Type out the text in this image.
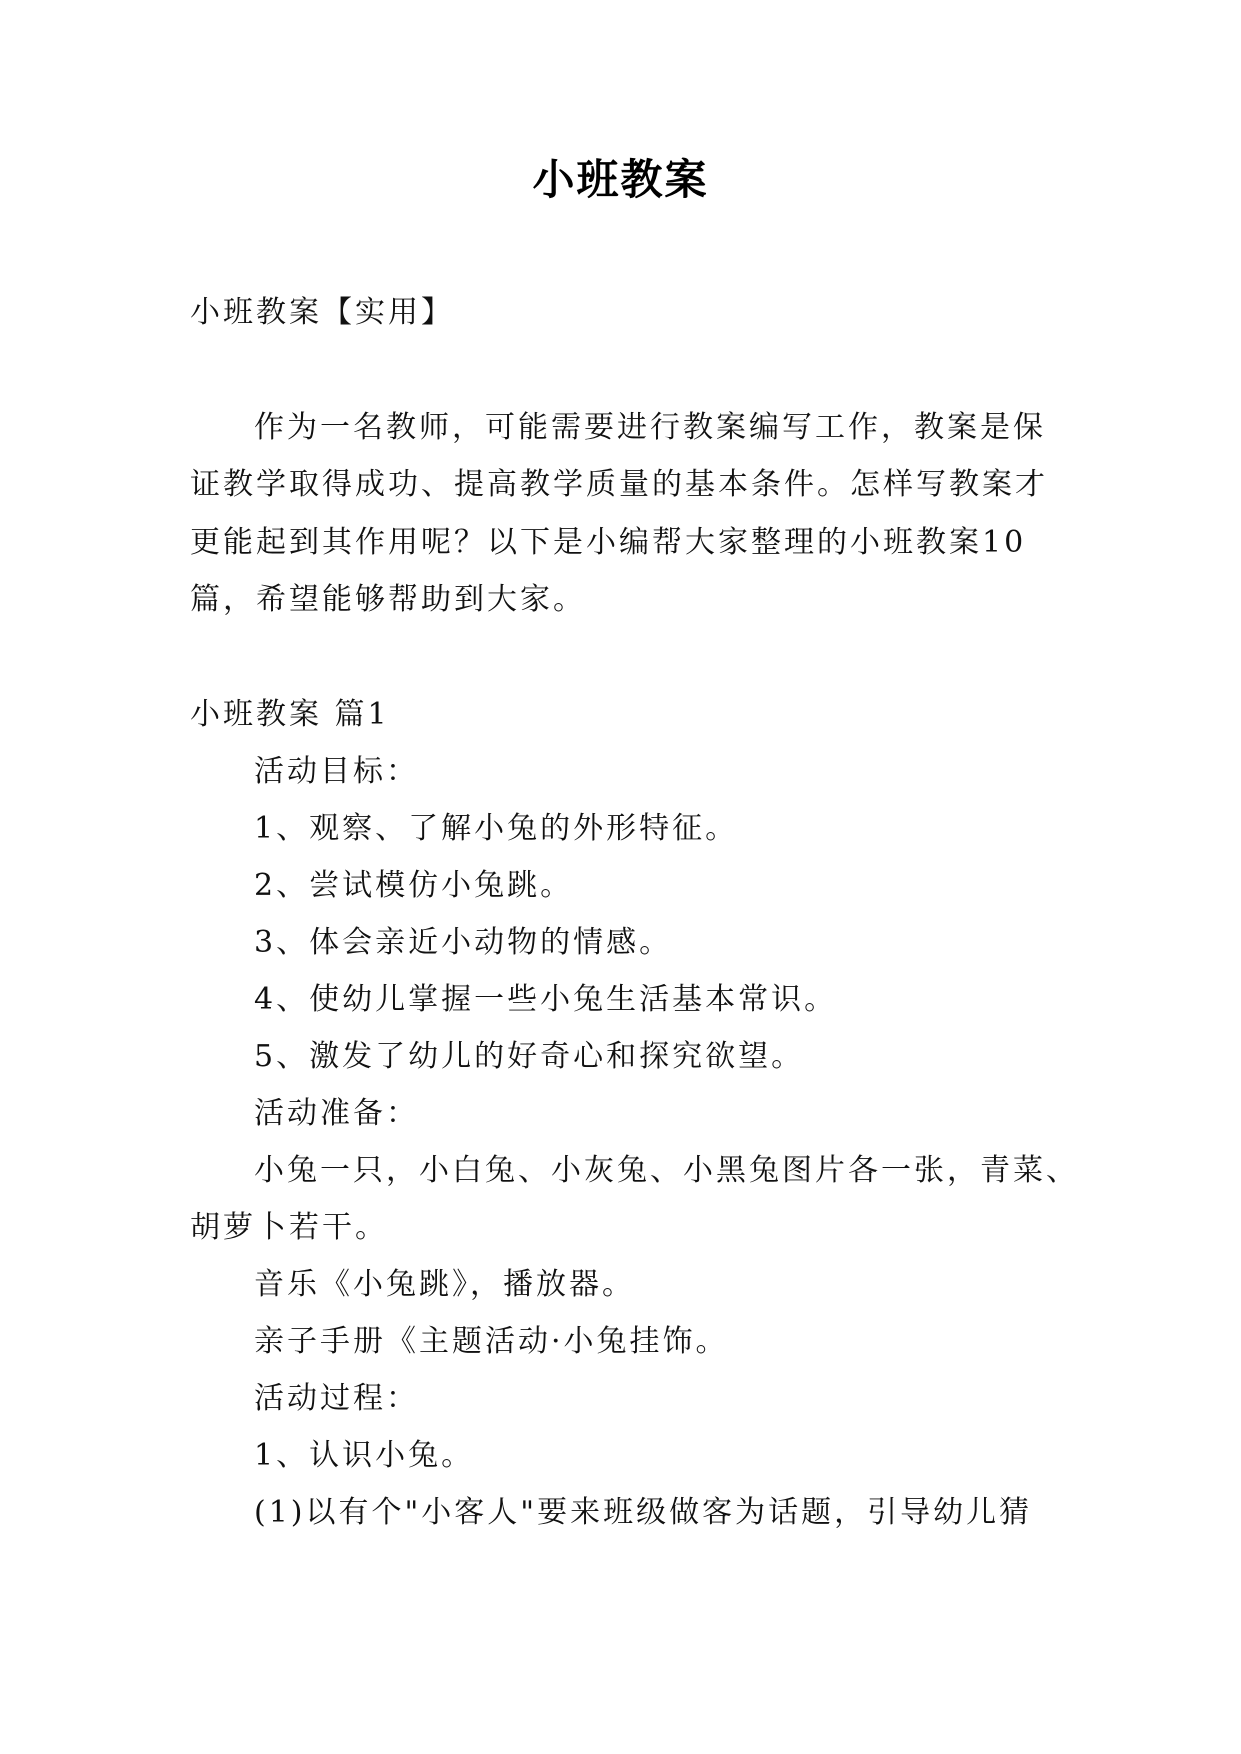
小班教案
小班教案【实用】
作为一名教师，可能需要进行教案编写工作，教案是保
证教学取得成功、提高教学质量的基本条件。怎样写教案才
更能起到其作用呢？以下是小编帮大家整理的小班教案10
篇，希望能够帮助到大家。
小班教案 篇1
活动目标：
1、观察、了解小兔的外形特征。
2、尝试模仿小兔跳。
3、体会亲近小动物的情感。
4、使幼儿掌握一些小兔生活基本常识。
5、激发了幼儿的好奇心和探究欲望。
活动准备：
小兔一只，小白兔、小灰兔、小黑兔图片各一张，青菜、
胡萝卜若干。
音乐《小兔跳》，播放器。
亲子手册《主题活动·小兔挂饰。
活动过程：
1、认识小兔。
(1)以有个"小客人"要来班级做客为话题，引导幼儿猜
